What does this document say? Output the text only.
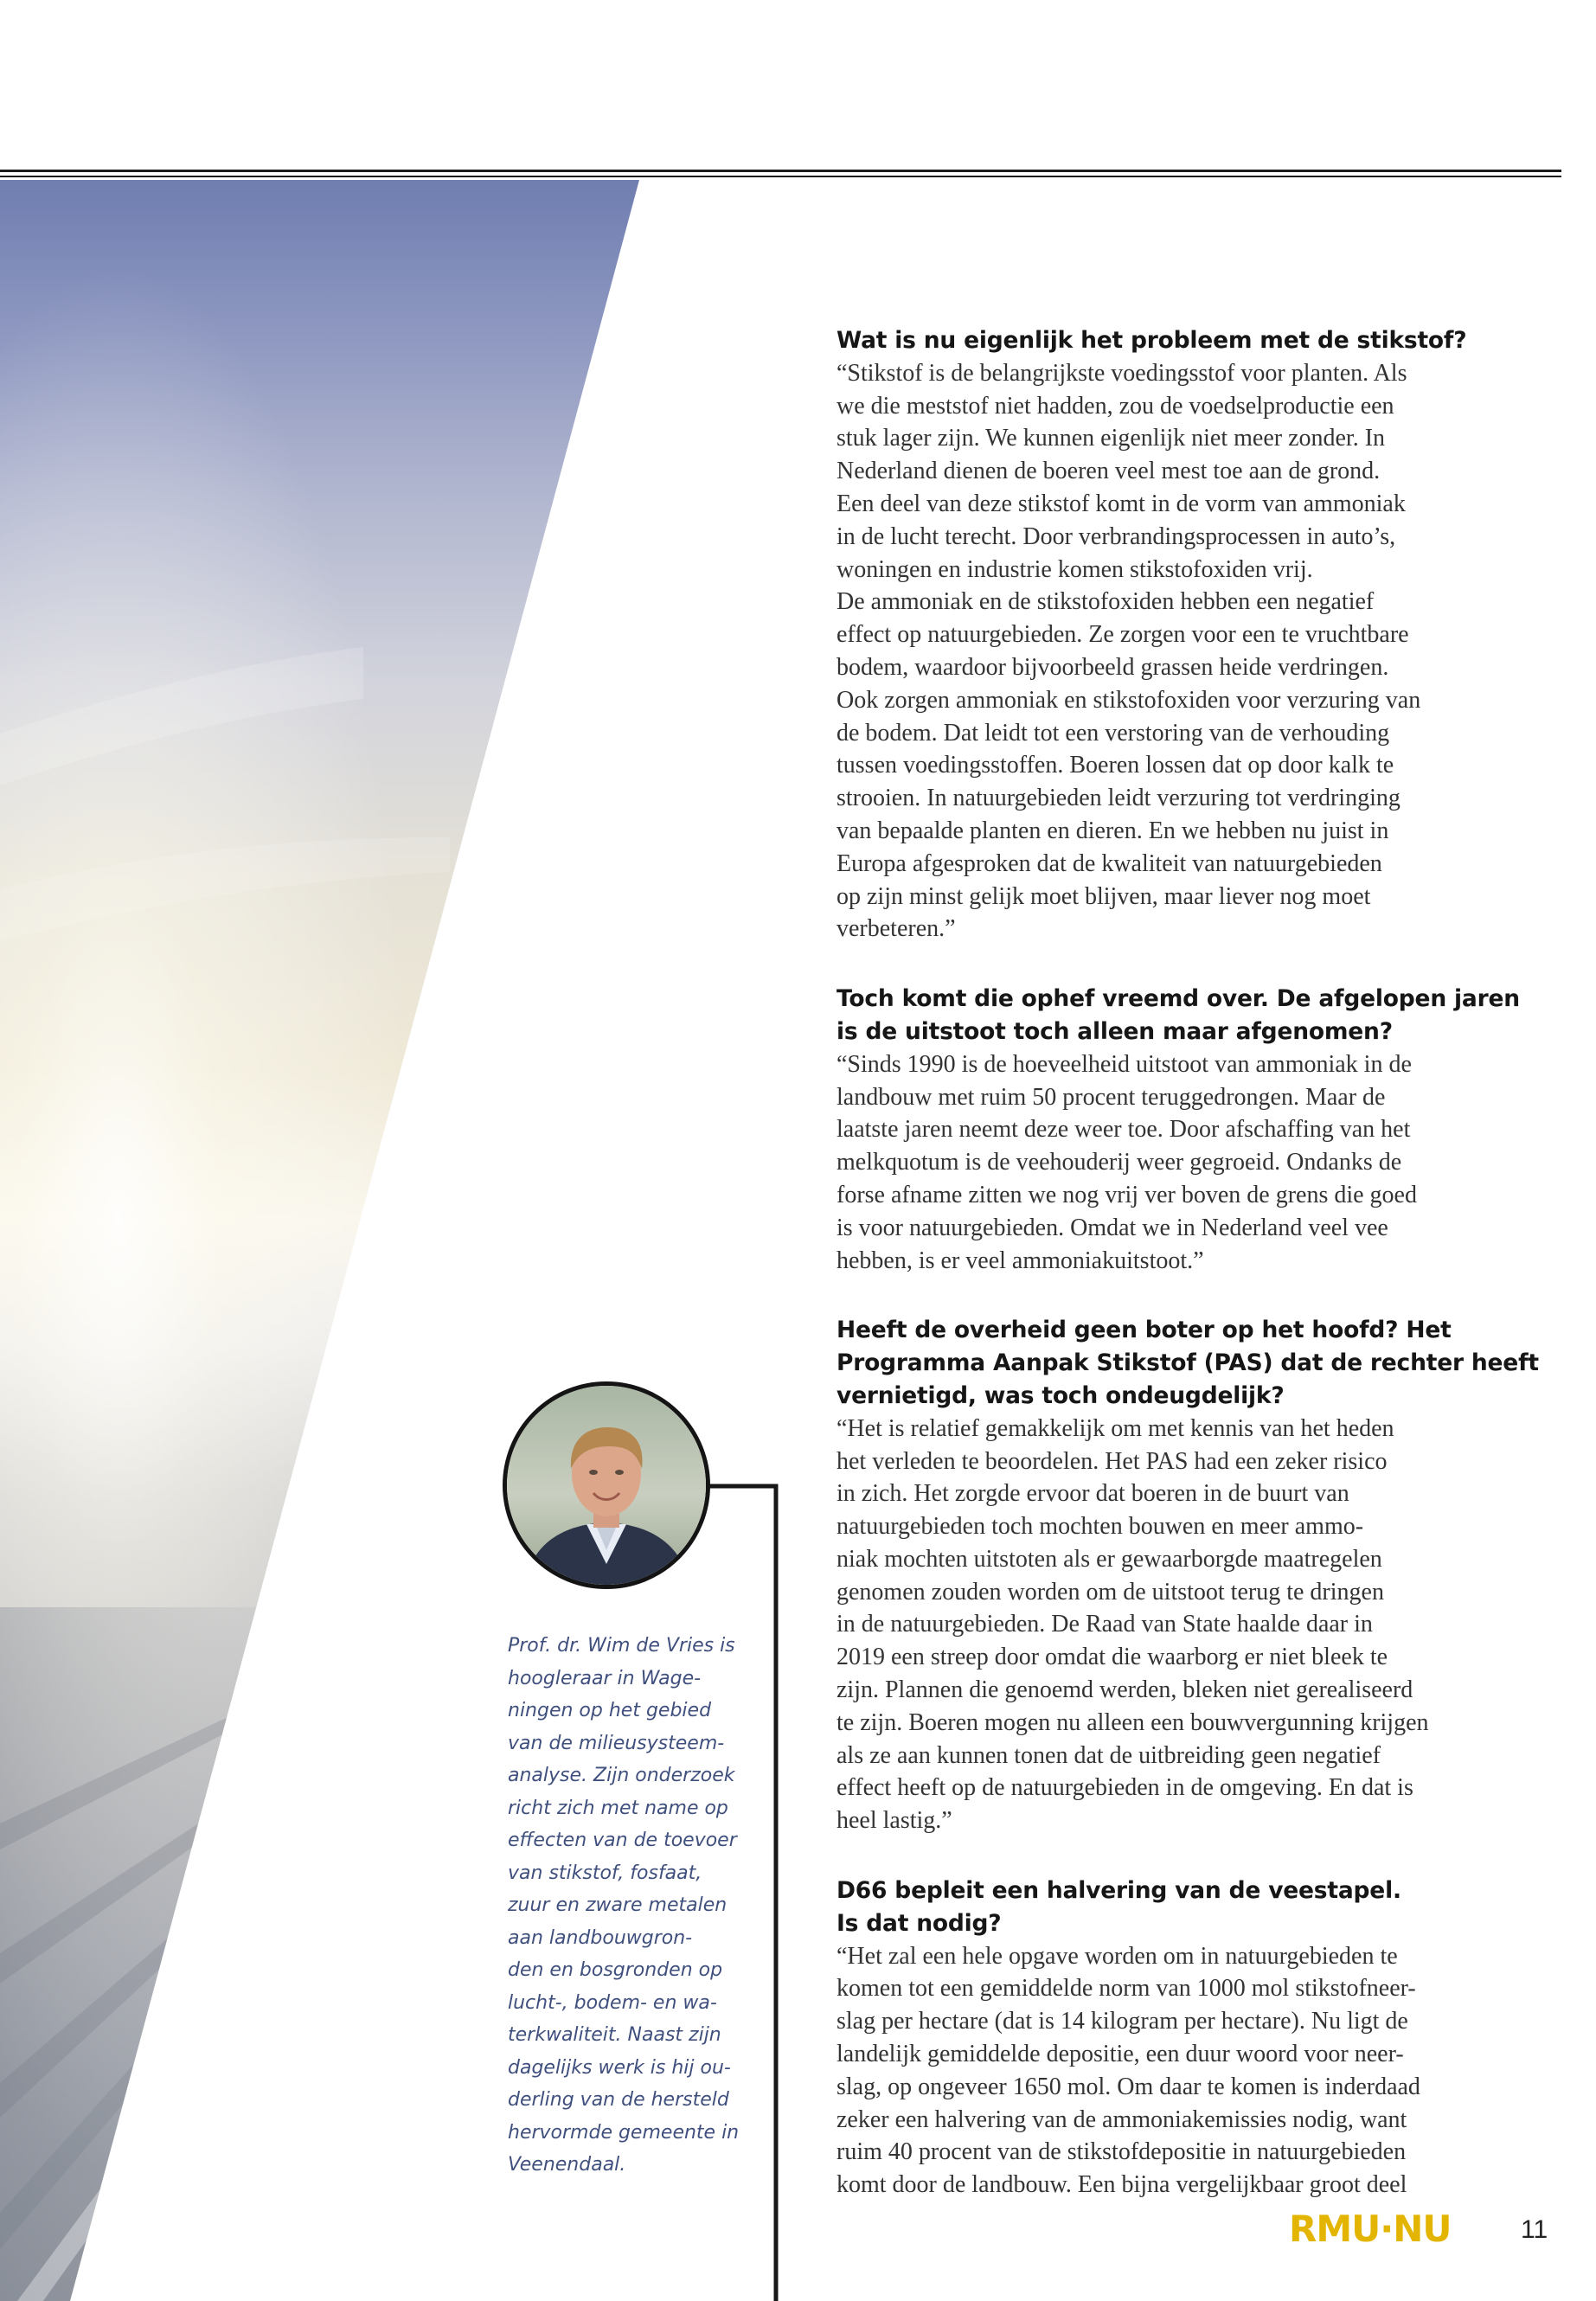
Wat is nu eigenlijk het probleem met de stikstof?

“Stikstof is de belangrijkste voedingsstof voor planten. Als
we die meststof niet hadden, zou de voedselproductie een
stuk lager zijn. We kunnen eigenlijk niet meer zonder. In
Nederland dienen de boeren veel mest toe aan de grond.
Een deel van deze stikstof komt in de vorm van ammoniak
in de lucht terecht. Door verbrandingsprocessen in auto’s,
woningen en industrie komen stikstofoxiden vrij.
De ammoniak en de stikstofoxiden hebben een negatief
effect op natuurgebieden. Ze zorgen voor een te vruchtbare
bodem, waardoor bijvoorbeeld grassen heide verdringen.
Ook zorgen ammoniak en stikstofoxiden voor verzuring van
de bodem. Dat leidt tot een verstoring van de verhouding
tussen voedingsstoffen. Boeren lossen dat op door kalk te
strooien. In natuurgebieden leidt verzuring tot verdringing
van bepaalde planten en dieren. En we hebben nu juist in
Europa afgesproken dat de kwaliteit van natuurgebieden
op zijn minst gelijk moet blijven, maar liever nog moet
verbeteren.”

Toch komt die ophef vreemd over. De afgelopen jaren
is de uitstoot toch alleen maar afgenomen?

“Sinds 1990 is de hoeveelheid uitstoot van ammoniak in de
landbouw met ruim 50 procent teruggedrongen. Maar de
laatste jaren neemt deze weer toe. Door afschaffing van het
melkquotum is de veehouderij weer gegroeid. Ondanks de
forse afname zitten we nog vrij ver boven de grens die goed
is voor natuurgebieden. Omdat we in Nederland veel vee
hebben, is er veel ammoniakuitstoot.”

Heeft de overheid geen boter op het hoofd? Het
Programma Aanpak Stikstof (PAS) dat de rechter heeft
vernietigd, was toch ondeugdelijk?

“Het is relatief gemakkelijk om met kennis van het heden
het verleden te beoordelen. Het PAS had een zeker risico
in zich. Het zorgde ervoor dat boeren in de buurt van
natuurgebieden toch mochten bouwen en meer ammo-
niak mochten uitstoten als er gewaarborgde maatregelen
genomen zouden worden om de uitstoot terug te dringen
in de natuurgebieden. De Raad van State haalde daar in
2019 een streep door omdat die waarborg er niet bleek te
zijn. Plannen die genoemd werden, bleken niet gerealiseerd
te zijn. Boeren mogen nu alleen een bouwvergunning krijgen
als ze aan kunnen tonen dat de uitbreiding geen negatief
effect heeft op de natuurgebieden in de omgeving. En dat is
heel lastig.”

D66 bepleit een halvering van de veestapel.
Is dat nodig?

“Het zal een hele opgave worden om in natuurgebieden te
komen tot een gemiddelde norm van 1000 mol stikstofneer-
slag per hectare (dat is 14 kilogram per hectare). Nu ligt de
landelijk gemiddelde depositie, een duur woord voor neer-
slag, op ongeveer 1650 mol. Om daar te komen is inderdaad
zeker een halvering van de ammoniakemissies nodig, want
ruim 40 procent van de stikstofdepositie in natuurgebieden
komt door de landbouw. Een bijna vergelijkbaar groot deel

Prof. dr. Wim de Vries is
hoogleraar in Wage-
ningen op het gebied
van de milieusysteem-
analyse. Zijn onderzoek
richt zich met name op
effecten van de toevoer
van stikstof, fosfaat,
zuur en zware metalen
aan landbouwgron-
den en bosgronden op
lucht-, bodem- en wa-
terkwaliteit. Naast zijn
dagelijks werk is hij ou-
derling van de hersteld
hervormde gemeente in
Veenendaal.
RMU·NU	11
